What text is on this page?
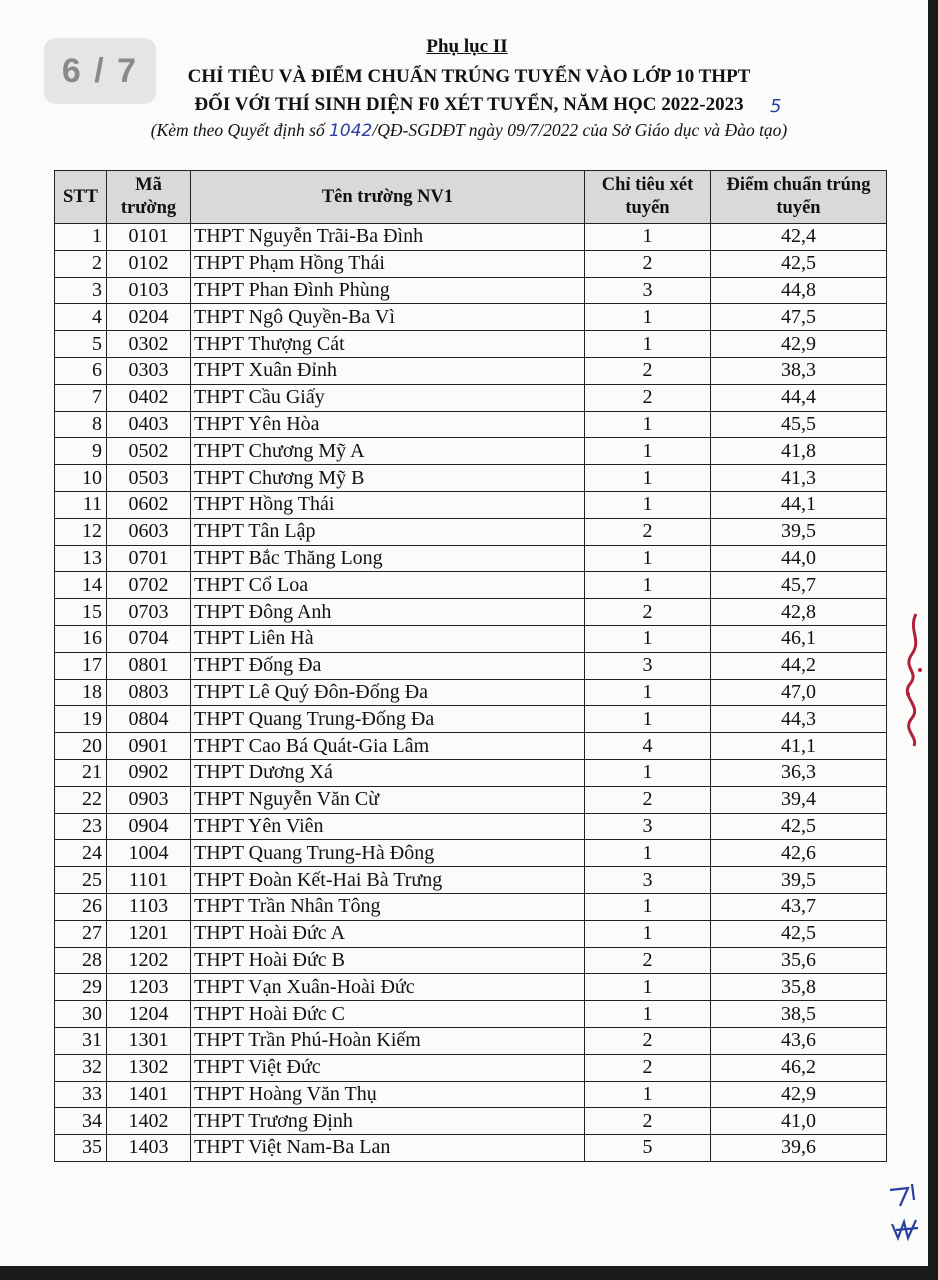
6 / 7
Phụ lục II
CHỈ TIÊU VÀ ĐIỂM CHUẨN TRÚNG TUYỂN VÀO LỚP 10 THPT
ĐỐI VỚI THÍ SINH DIỆN F0 XÉT TUYỂN, NĂM HỌC 2022-2023	5
(Kèm theo Quyết định số 1042/QĐ-SGDĐT ngày 09/7/2022 của Sở Giáo dục và Đào tạo)
STT	Mã trường	Tên trường NV1	Chỉ tiêu xét tuyển	Điểm chuẩn trúng tuyển
1	0101	THPT Nguyễn Trãi-Ba Đình	1	42,4
2	0102	THPT Phạm Hồng Thái	2	42,5
3	0103	THPT Phan Đình Phùng	3	44,8
4	0204	THPT Ngô Quyền-Ba Vì	1	47,5
5	0302	THPT Thượng Cát	1	42,9
6	0303	THPT Xuân Đỉnh	2	38,3
7	0402	THPT Cầu Giấy	2	44,4
8	0403	THPT Yên Hòa	1	45,5
9	0502	THPT Chương Mỹ A	1	41,8
10	0503	THPT Chương Mỹ B	1	41,3
11	0602	THPT Hồng Thái	1	44,1
12	0603	THPT Tân Lập	2	39,5
13	0701	THPT Bắc Thăng Long	1	44,0
14	0702	THPT Cổ Loa	1	45,7
15	0703	THPT Đông Anh	2	42,8
16	0704	THPT Liên Hà	1	46,1
17	0801	THPT Đống Đa	3	44,2
18	0803	THPT Lê Quý Đôn-Đống Đa	1	47,0
19	0804	THPT Quang Trung-Đống Đa	1	44,3
20	0901	THPT Cao Bá Quát-Gia Lâm	4	41,1
21	0902	THPT Dương Xá	1	36,3
22	0903	THPT Nguyễn Văn Cừ	2	39,4
23	0904	THPT Yên Viên	3	42,5
24	1004	THPT Quang Trung-Hà Đông	1	42,6
25	1101	THPT Đoàn Kết-Hai Bà Trưng	3	39,5
26	1103	THPT Trần Nhân Tông	1	43,7
27	1201	THPT Hoài Đức A	1	42,5
28	1202	THPT Hoài Đức B	2	35,6
29	1203	THPT Vạn Xuân-Hoài Đức	1	35,8
30	1204	THPT Hoài Đức C	1	38,5
31	1301	THPT Trần Phú-Hoàn Kiếm	2	43,6
32	1302	THPT Việt Đức	2	46,2
33	1401	THPT Hoàng Văn Thụ	1	42,9
34	1402	THPT Trương Định	2	41,0
35	1403	THPT Việt Nam-Ba Lan	5	39,6
